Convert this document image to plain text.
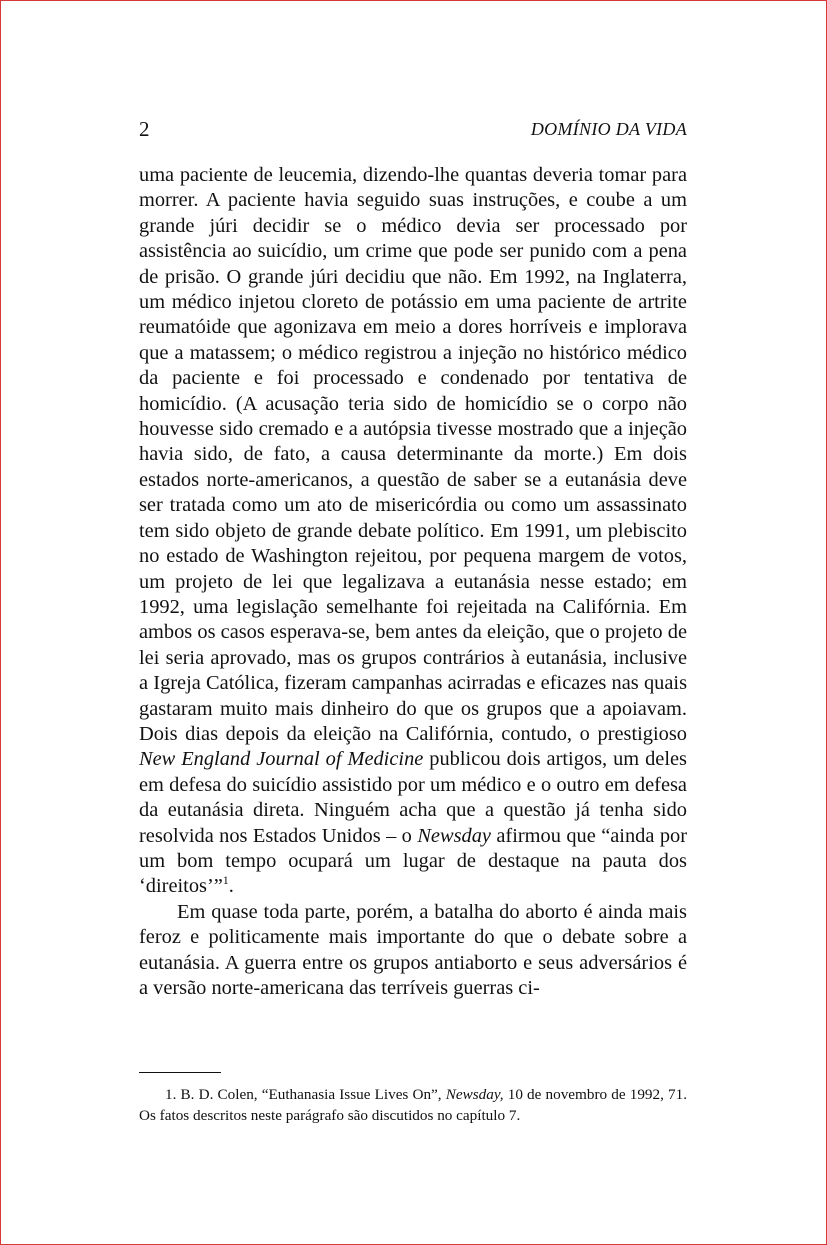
2	DOMÍNIO DA VIDA

uma paciente de leucemia, dizendo-lhe quantas deveria tomar para morrer. A paciente havia seguido suas instruções, e coube a um grande júri decidir se o médico devia ser processado por assistência ao suicídio, um crime que pode ser punido com a pena de prisão. O grande júri decidiu que não. Em 1992, na Inglaterra, um médico injetou cloreto de potássio em uma paciente de artrite reumatóide que agonizava em meio a dores horríveis e implorava que a matassem; o médico registrou a injeção no histórico médico da paciente e foi processado e condenado por tentativa de homicídio. (A acusação teria sido de homicídio se o corpo não houvesse sido cremado e a autópsia tivesse mostrado que a injeção havia sido, de fato, a causa determinante da morte.) Em dois estados norte-americanos, a questão de saber se a eutanásia deve ser tratada como um ato de misericórdia ou como um assassinato tem sido objeto de grande debate político. Em 1991, um plebiscito no estado de Washington rejeitou, por pequena margem de votos, um projeto de lei que legalizava a eutanásia nesse estado; em 1992, uma legislação semelhante foi rejeitada na Califórnia. Em ambos os casos esperava-se, bem antes da eleição, que o projeto de lei seria aprovado, mas os grupos contrários à eutanásia, inclusive a Igreja Católica, fizeram campanhas acirradas e eficazes nas quais gastaram muito mais dinheiro do que os grupos que a apoiavam. Dois dias depois da eleição na Califórnia, contudo, o prestigioso New England Journal of Medicine publicou dois artigos, um deles em defesa do suicídio assistido por um médico e o outro em defesa da eutanásia direta. Ninguém acha que a questão já tenha sido resolvida nos Estados Unidos – o Newsday afirmou que “ainda por um bom tempo ocupará um lugar de destaque na pauta dos ‘direitos’”$^1$.

Em quase toda parte, porém, a batalha do aborto é ainda mais feroz e politicamente mais importante do que o debate sobre a eutanásia. A guerra entre os grupos antiaborto e seus adversários é a versão norte-americana das terríveis guerras ci-

1. B. D. Colen, “Euthanasia Issue Lives On”, Newsday, 10 de novembro de 1992, 71. Os fatos descritos neste parágrafo são discutidos no capítulo 7.
